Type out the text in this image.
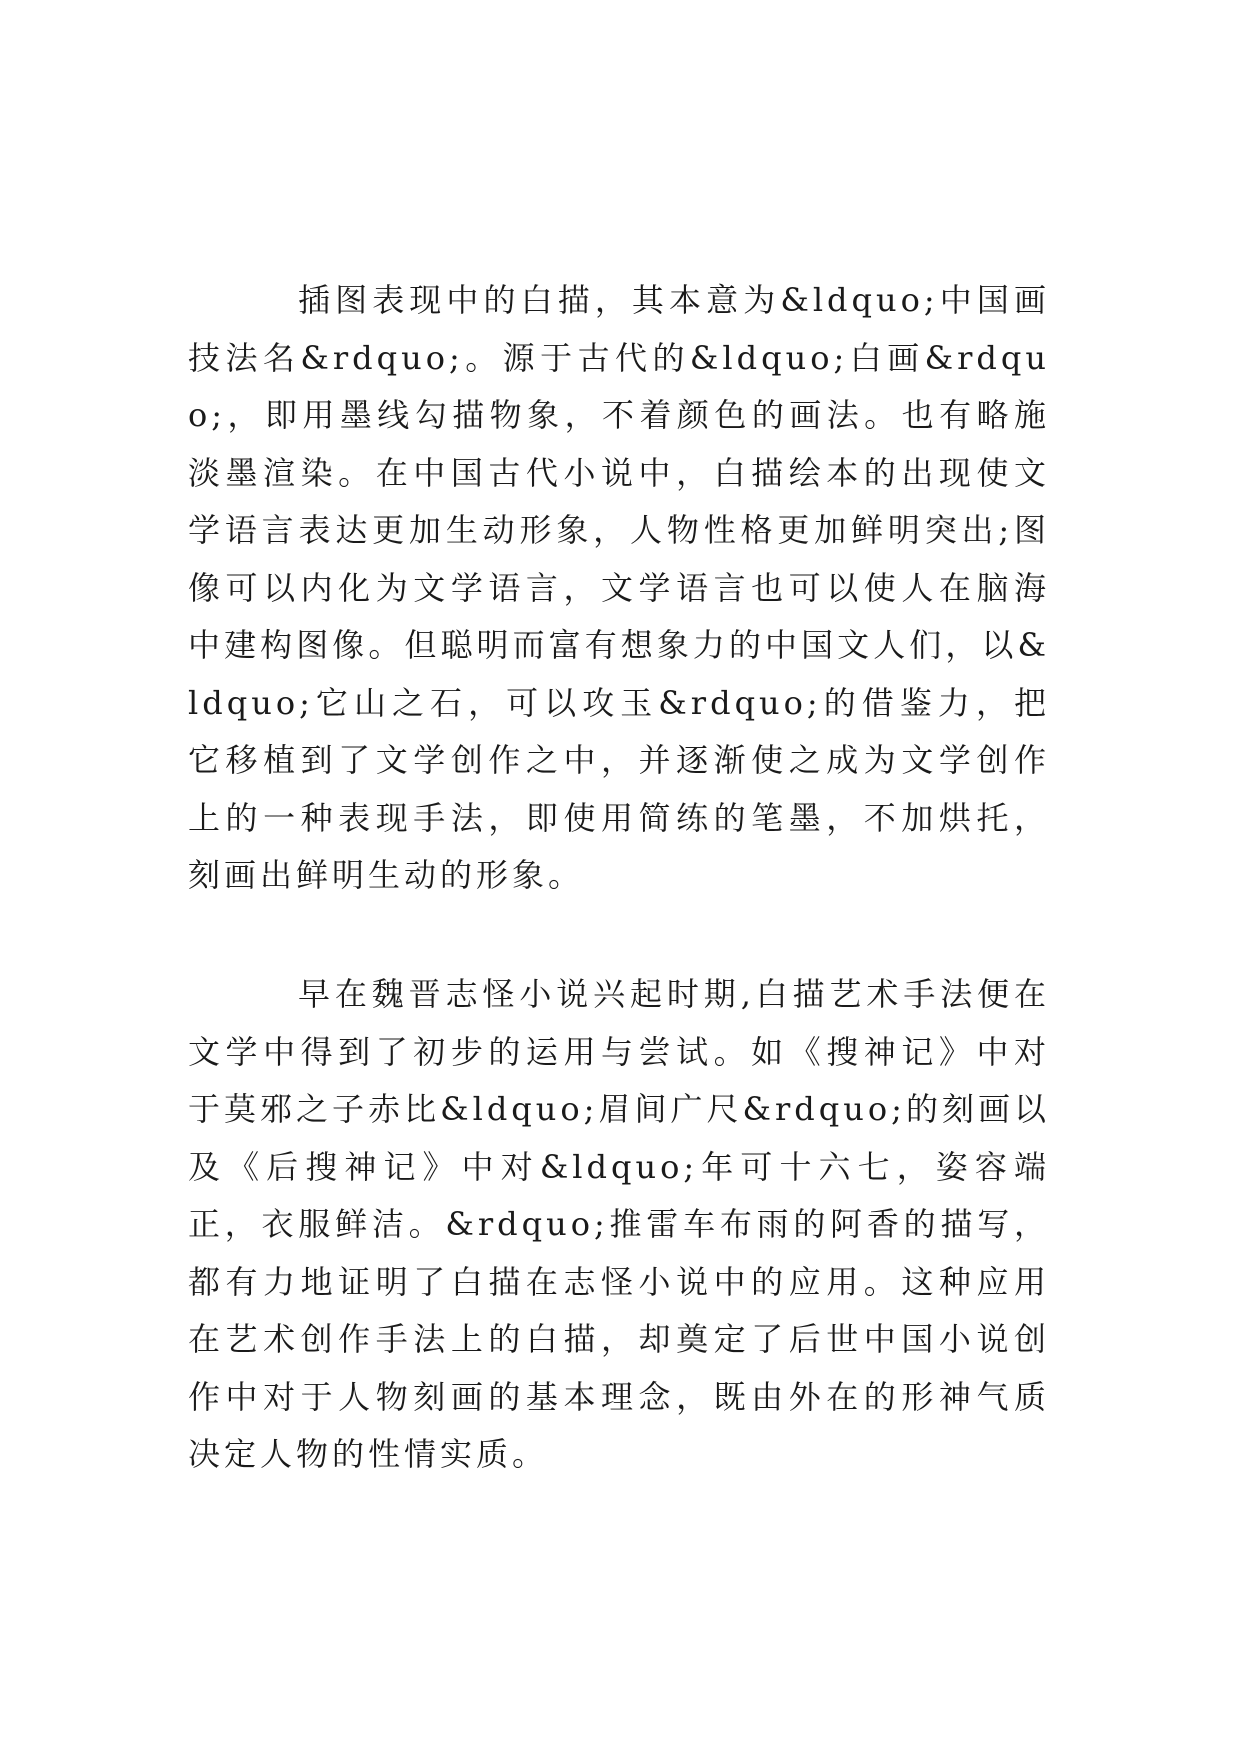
插图表现中的白描，其本意为&ldquo;中国画技法名&rdquo;。源于古代的&ldquo;白画&rdquo;，即用墨线勾描物象，不着颜色的画法。也有略施淡墨渲染。在中国古代小说中，白描绘本的出现使文学语言表达更加生动形象，人物性格更加鲜明突出;图像可以内化为文学语言，文学语言也可以使人在脑海中建构图像。但聪明而富有想象力的中国文人们，以&ldquo;它山之石，可以攻玉&rdquo;的借鉴力，把它移植到了文学创作之中，并逐渐使之成为文学创作上的一种表现手法，即使用简练的笔墨，不加烘托，刻画出鲜明生动的形象。

早在魏晋志怪小说兴起时期,白描艺术手法便在文学中得到了初步的运用与尝试。如《搜神记》中对于莫邪之子赤比&ldquo;眉间广尺&rdquo;的刻画以及《后搜神记》中对&ldquo;年可十六七，姿容端正，衣服鲜洁。&rdquo;推雷车布雨的阿香的描写，都有力地证明了白描在志怪小说中的应用。这种应用在艺术创作手法上的白描，却奠定了后世中国小说创作中对于人物刻画的基本理念，既由外在的形神气质决定人物的性情实质。
